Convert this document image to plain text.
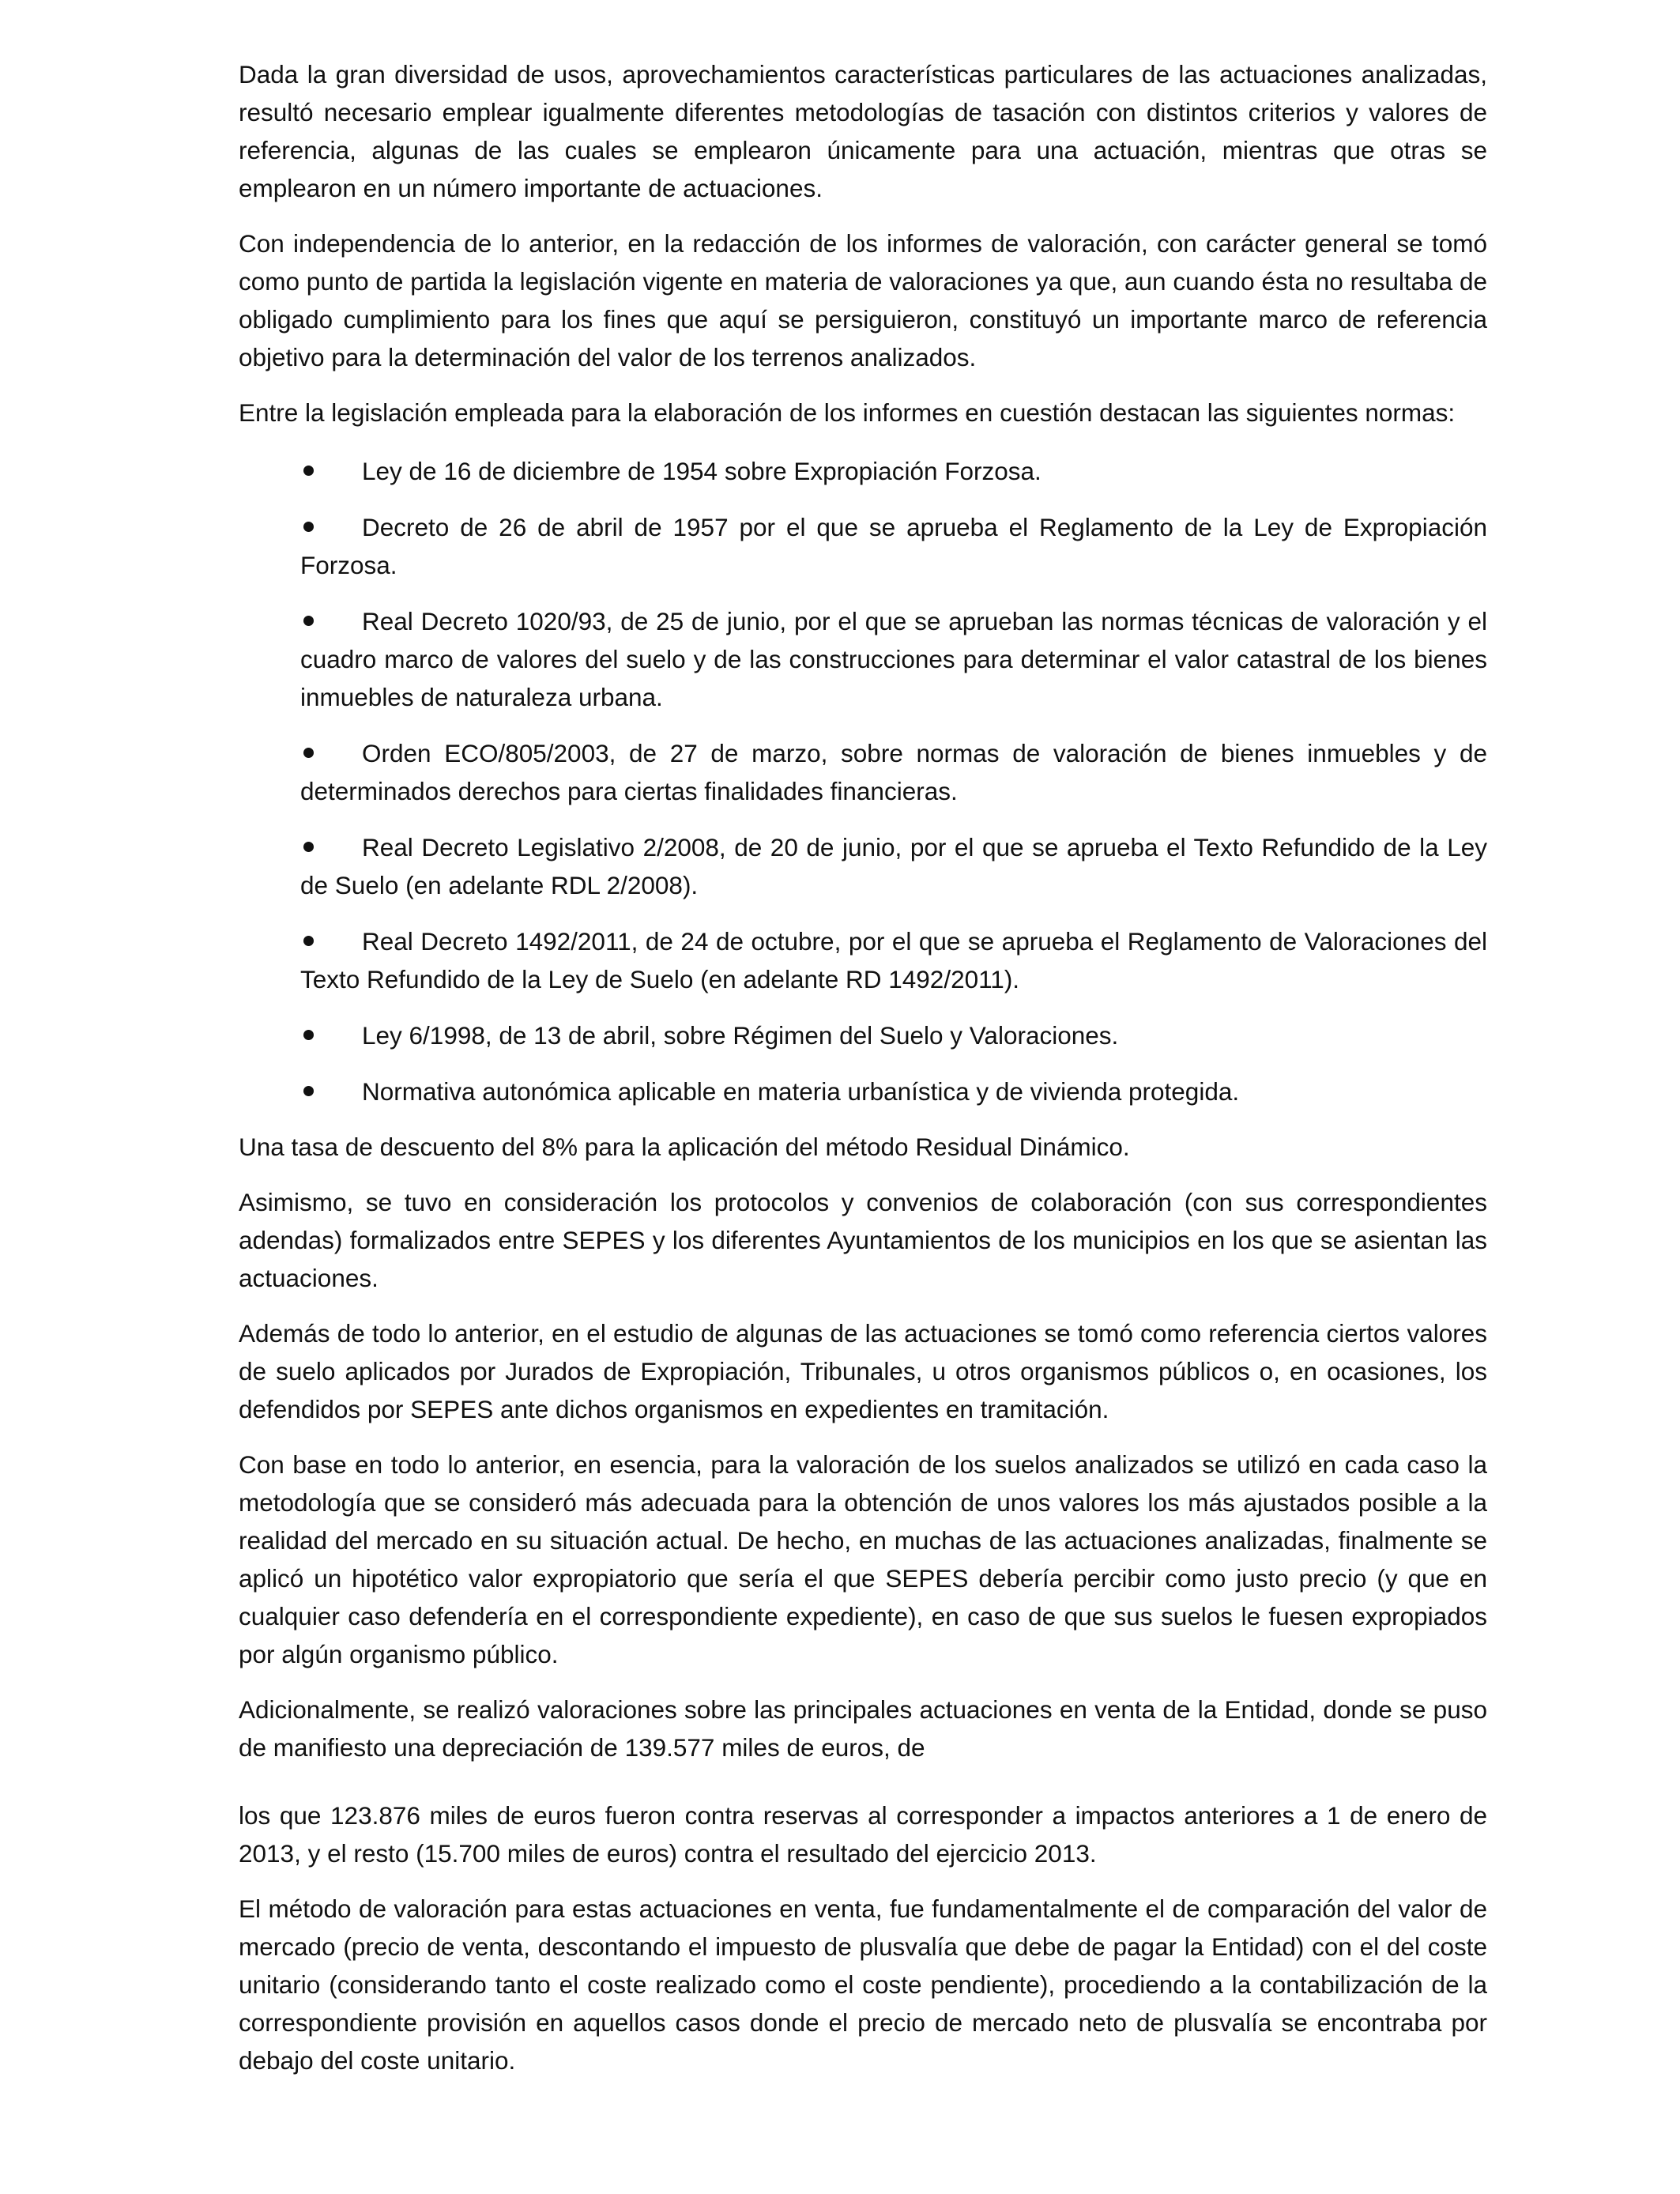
Dada la gran diversidad de usos, aprovechamientos características particulares de las actuaciones analizadas, resultó necesario emplear igualmente diferentes metodologías de tasación con distintos criterios y valores de referencia, algunas de las cuales se emplearon únicamente para una actuación, mientras que otras se emplearon en un número importante de actuaciones.

Con independencia de lo anterior, en la redacción de los informes de valoración, con carácter general se tomó como punto de partida la legislación vigente en materia de valoraciones ya que, aun cuando ésta no resultaba de obligado cumplimiento para los fines que aquí se persiguieron, constituyó un importante marco de referencia objetivo para la determinación del valor de los terrenos analizados.

Entre la legislación empleada para la elaboración de los informes en cuestión destacan las siguientes normas:

Ley de 16 de diciembre de 1954 sobre Expropiación Forzosa.
Decreto de 26 de abril de 1957 por el que se aprueba el Reglamento de la Ley de Expropiación Forzosa.
Real Decreto 1020/93, de 25 de junio, por el que se aprueban las normas técnicas de valoración y el cuadro marco de valores del suelo y de las construcciones para determinar el valor catastral de los bienes inmuebles de naturaleza urbana.
Orden ECO/805/2003, de 27 de marzo, sobre normas de valoración de bienes inmuebles y de determinados derechos para ciertas finalidades financieras.
Real Decreto Legislativo 2/2008, de 20 de junio, por el que se aprueba el Texto Refundido de la Ley de Suelo (en adelante RDL 2/2008).
Real Decreto 1492/2011, de 24 de octubre, por el que se aprueba el Reglamento de Valoraciones del Texto Refundido de la Ley de Suelo (en adelante RD 1492/2011).
Ley 6/1998, de 13 de abril, sobre Régimen del Suelo y Valoraciones.
Normativa autonómica aplicable en materia urbanística y de vivienda protegida.

Una tasa de descuento del 8% para la aplicación del método Residual Dinámico.

Asimismo, se tuvo en consideración los protocolos y convenios de colaboración (con sus correspondientes adendas) formalizados entre SEPES y los diferentes Ayuntamientos de los municipios en los que se asientan las actuaciones.

Además de todo lo anterior, en el estudio de algunas de las actuaciones se tomó como referencia ciertos valores de suelo aplicados por Jurados de Expropiación, Tribunales, u otros organismos públicos o, en ocasiones, los defendidos por SEPES ante dichos organismos en expedientes en tramitación.

Con base en todo lo anterior, en esencia, para la valoración de los suelos analizados se utilizó en cada caso la metodología que se consideró más adecuada para la obtención de unos valores los más ajustados posible a la realidad del mercado en su situación actual. De hecho, en muchas de las actuaciones analizadas, finalmente se aplicó un hipotético valor expropiatorio que sería el que SEPES debería percibir como justo precio (y que en cualquier caso defendería en el correspondiente expediente), en caso de que sus suelos le fuesen expropiados por algún organismo público.

Adicionalmente, se realizó valoraciones sobre las principales actuaciones en venta de la Entidad, donde se puso de manifiesto una depreciación de 139.577 miles de euros, de

los que 123.876 miles de euros fueron contra reservas al corresponder a impactos anteriores a 1 de enero de 2013, y el resto (15.700 miles de euros) contra el resultado del ejercicio 2013.

El método de valoración para estas actuaciones en venta, fue fundamentalmente el de comparación del valor de mercado (precio de venta, descontando el impuesto de plusvalía que debe de pagar la Entidad) con el del coste unitario (considerando tanto el coste realizado como el coste pendiente), procediendo a la contabilización de la correspondiente provisión en aquellos casos donde el precio de mercado neto de plusvalía se encontraba por debajo del coste unitario.
